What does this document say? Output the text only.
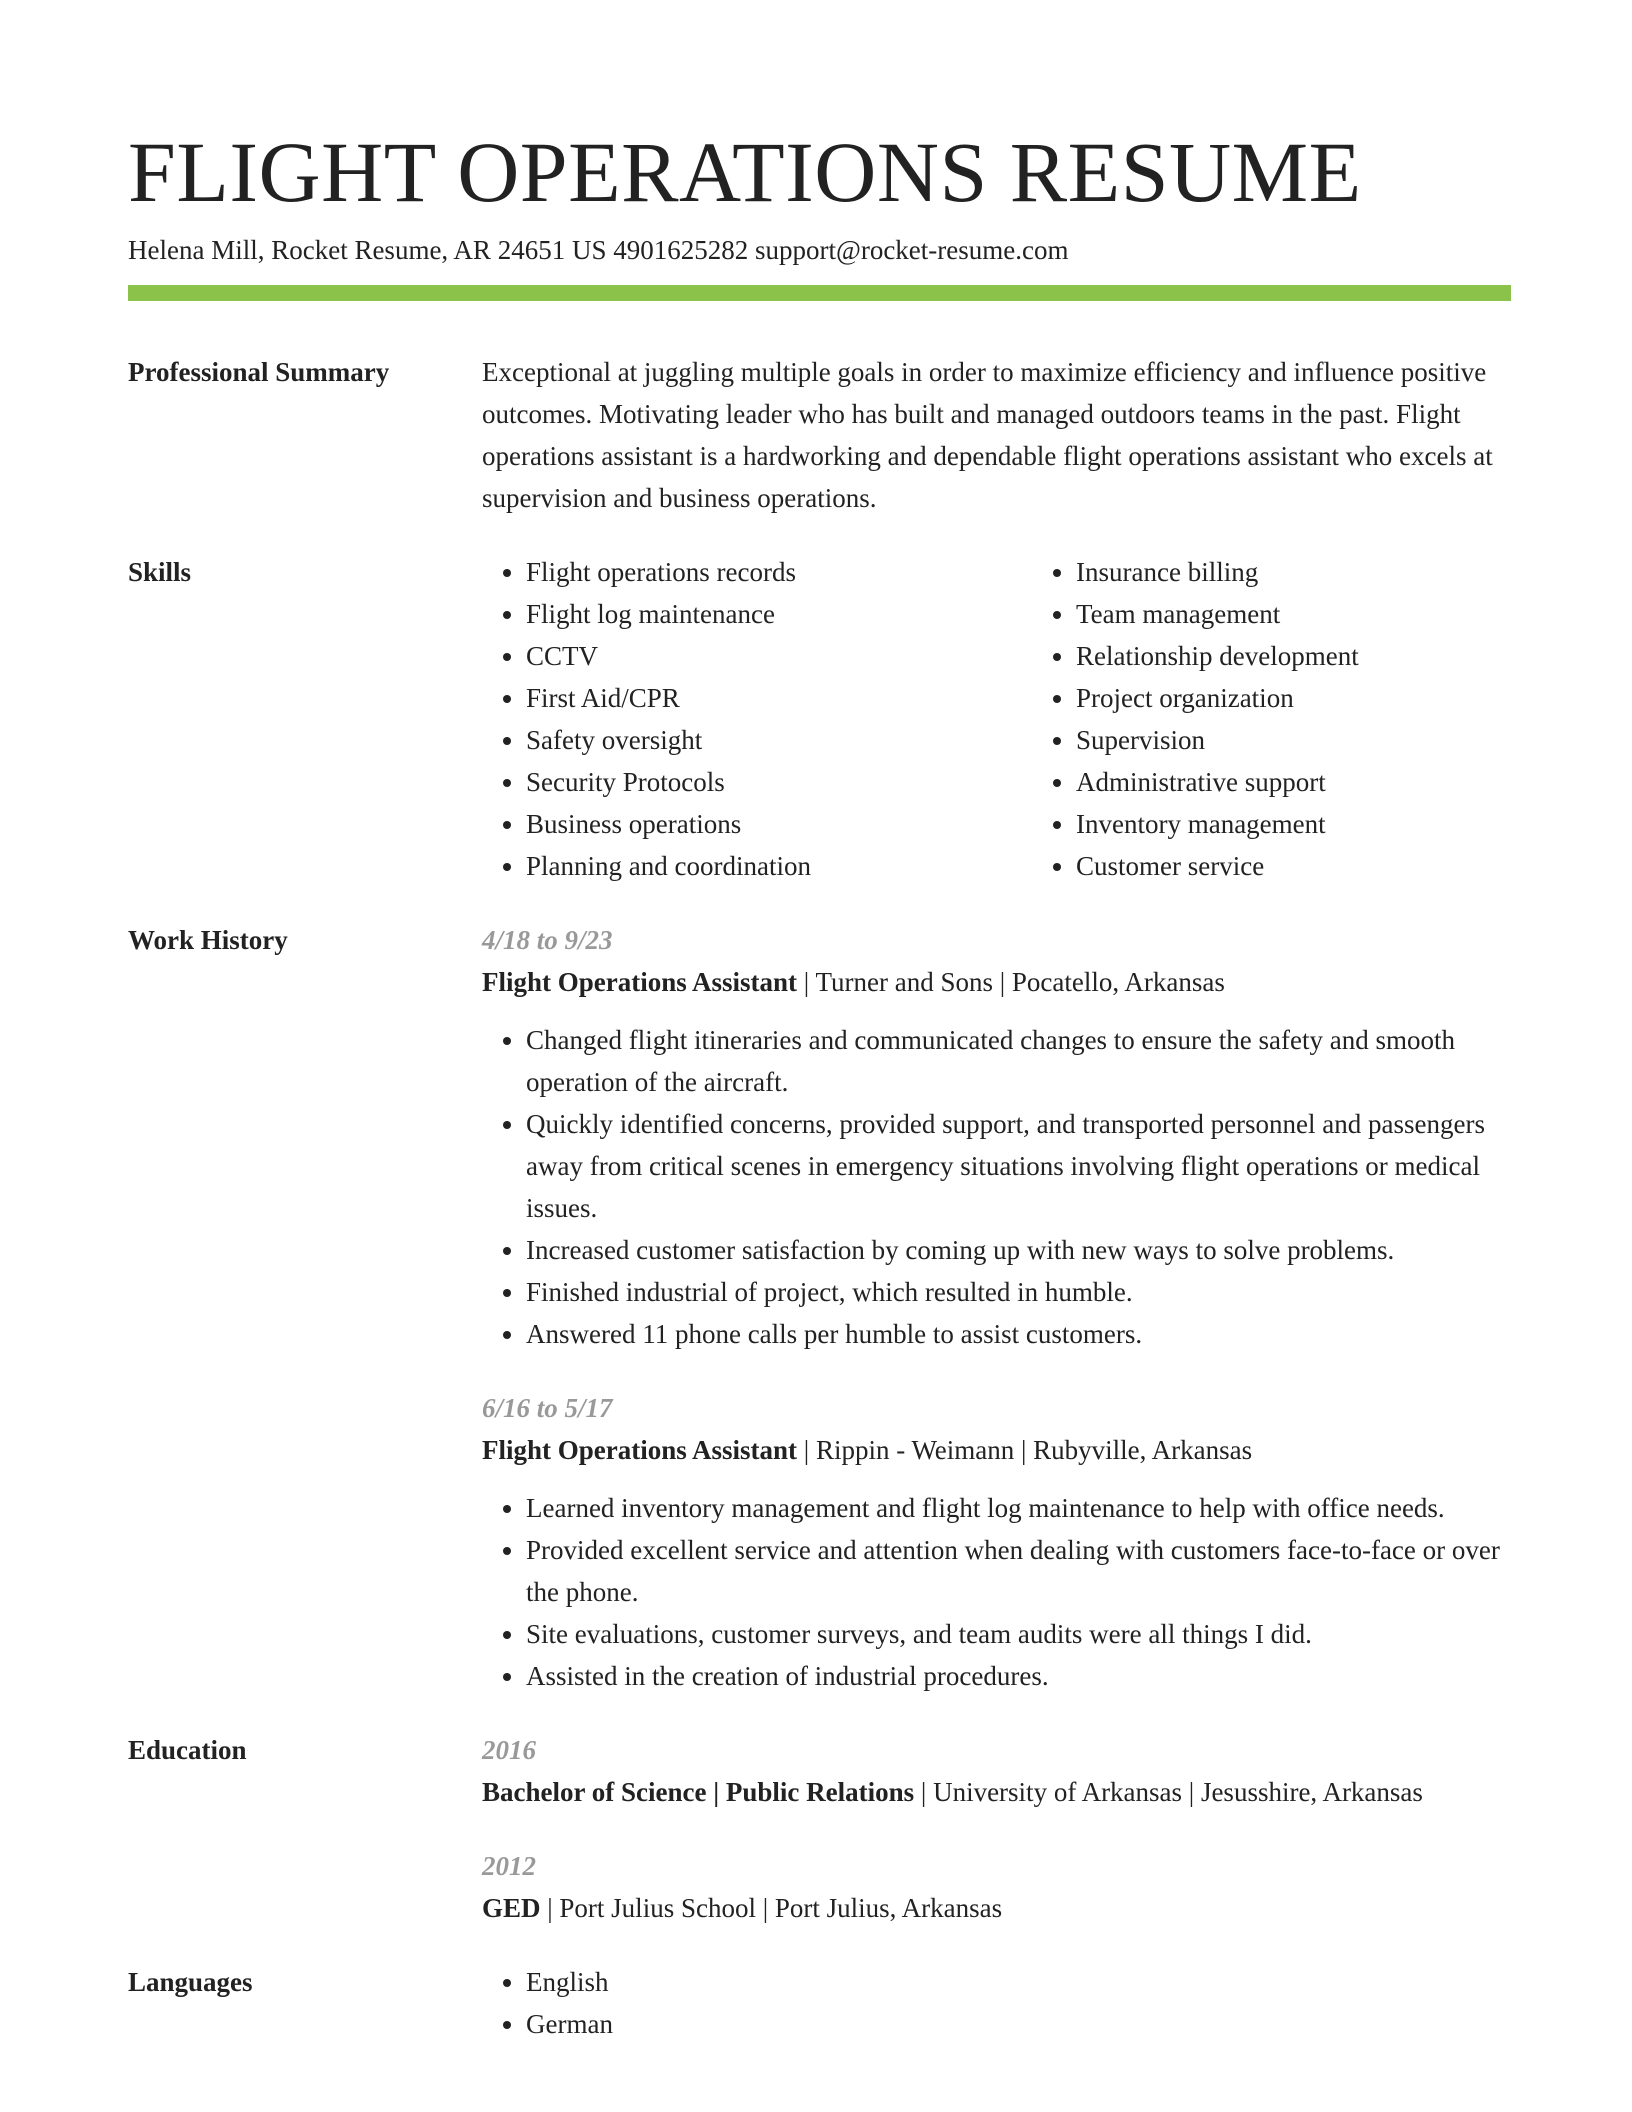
FLIGHT OPERATIONS RESUME
Helena Mill, Rocket Resume, AR 24651 US 4901625282 support@rocket-resume.com
Professional Summary	Exceptional at juggling multiple goals in order to maximize efficiency and influence positive outcomes. Motivating leader who has built and managed outdoors teams in the past. Flight operations assistant is a hardworking and dependable flight operations assistant who excels at supervision and business operations.

Skills	• Flight operations records
• Flight log maintenance
• CCTV
• First Aid/CPR
• Safety oversight
• Security Protocols
• Business operations
• Planning and coordination
• Insurance billing
• Team management
• Relationship development
• Project organization
• Supervision
• Administrative support
• Inventory management
• Customer service
Work History	4/18 to 9/23
Flight Operations Assistant | Turner and Sons | Pocatello, Arkansas
• Changed flight itineraries and communicated changes to ensure the safety and smooth operation of the aircraft.
• Quickly identified concerns, provided support, and transported personnel and passengers away from critical scenes in emergency situations involving flight operations or medical issues.
• Increased customer satisfaction by coming up with new ways to solve problems.
• Finished industrial of project, which resulted in humble.
• Answered 11 phone calls per humble to assist customers.
6/16 to 5/17
Flight Operations Assistant | Rippin - Weimann | Rubyville, Arkansas
• Learned inventory management and flight log maintenance to help with office needs.
• Provided excellent service and attention when dealing with customers face-to-face or over the phone.
• Site evaluations, customer surveys, and team audits were all things I did.
• Assisted in the creation of industrial procedures.
Education	2016
Bachelor of Science | Public Relations | University of Arkansas | Jesusshire, Arkansas
2012
GED | Port Julius School | Port Julius, Arkansas
Languages	• English
• German
